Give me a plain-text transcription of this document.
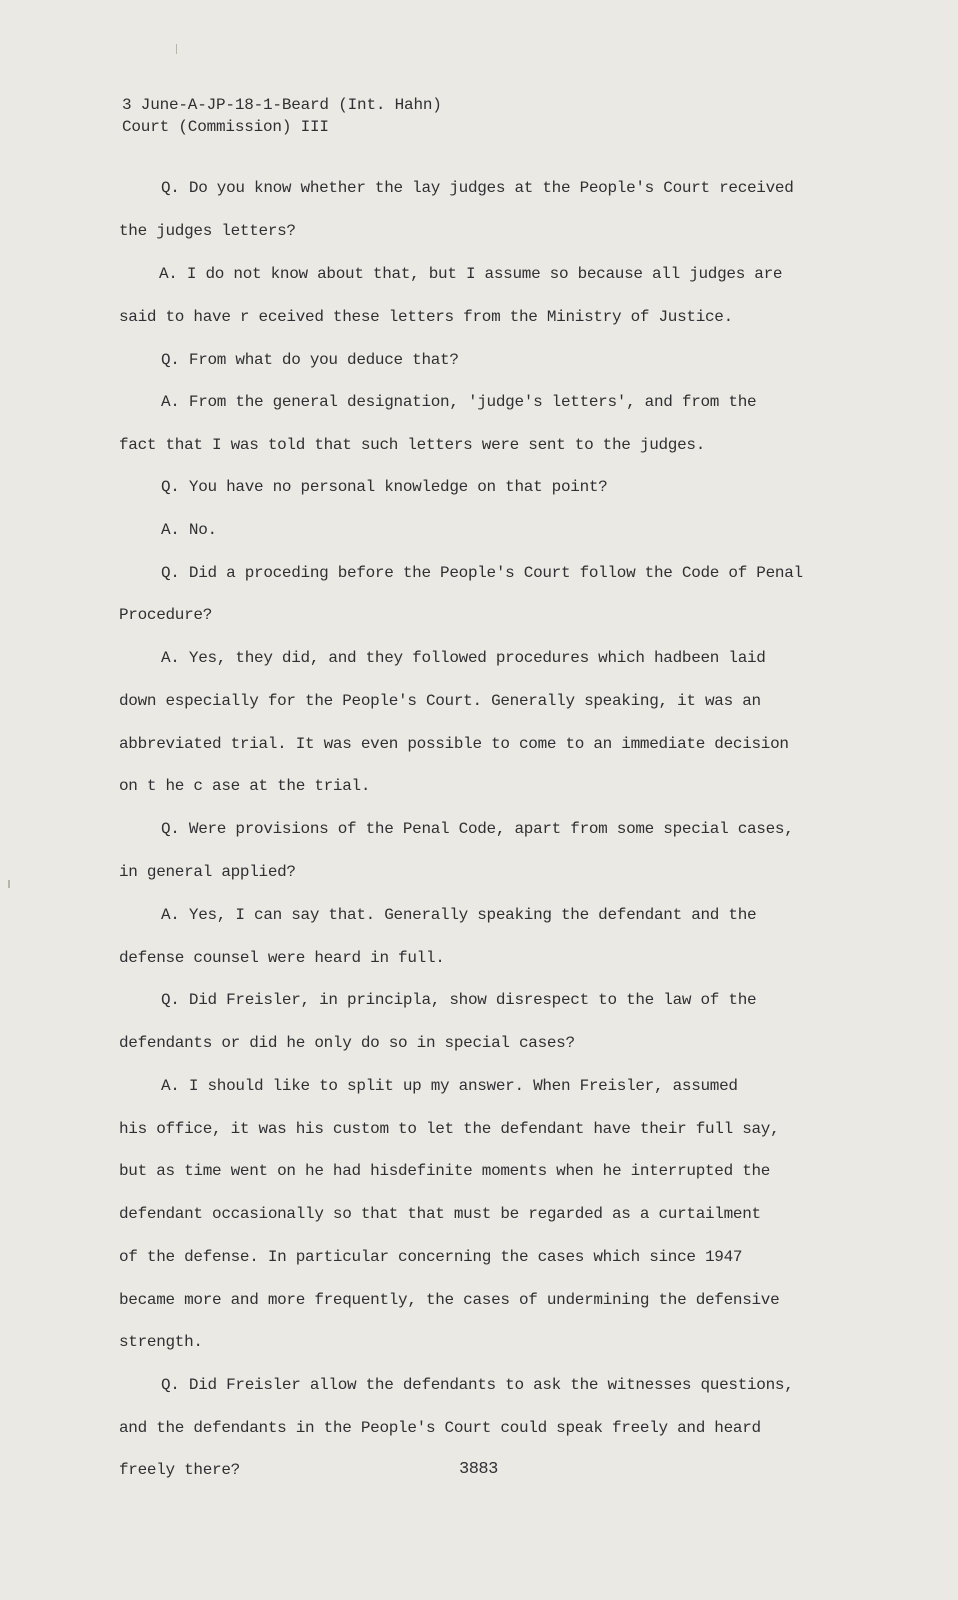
3 June-A-JP-18-1-Beard (Int. Hahn)
Court (Commission) III
Q. Do you know whether the lay judges at the People's Court received
the judges letters?
A. I do not know about that, but I assume so because all judges are
said to have r eceived these letters from the Ministry of Justice.
Q. From what do you deduce that?
A. From the general designation, 'judge's letters', and from the
fact that I was told that such letters were sent to the judges.
Q. You have no personal knowledge on that point?
A. No.
Q. Did a proceding before the People's Court follow the Code of Penal
Procedure?
A. Yes, they did, and they followed procedures which hadbeen laid
down especially for the People's Court. Generally speaking, it was an
abbreviated trial. It was even possible to come to an immediate decision
on t he c ase at the trial.
Q. Were provisions of the Penal Code, apart from some special cases,
in general applied?
A. Yes, I can say that. Generally speaking the defendant and the
defense counsel were heard in full.
Q. Did Freisler, in principla, show disrespect to the law of the
defendants or did he only do so in special cases?
A. I should like to split up my answer. When Freisler, assumed
his office, it was his custom to let the defendant have their full say,
but as time went on he had hisdefinite moments when he interrupted the
defendant occasionally so that that must be regarded as a curtailment
of the defense. In particular concerning the cases which since 1947
became more and more frequently, the cases of undermining the defensive
strength.
Q. Did Freisler allow the defendants to ask the witnesses questions,
and the defendants in the People's Court could speak freely and heard
freely there?	3883
